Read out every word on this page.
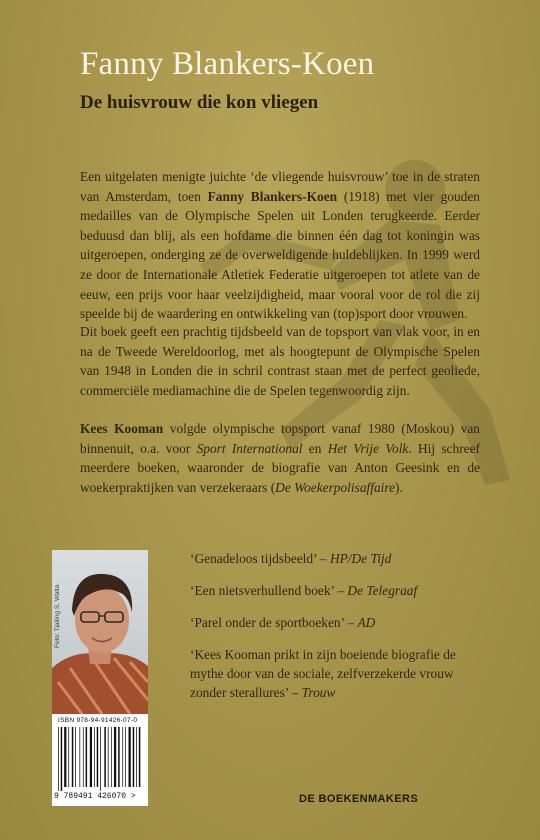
Fanny Blankers-Koen
De huisvrouw die kon vliegen

Een uitgelaten menigte juichte ‘de vliegende huisvrouw’ toe in de straten van Amsterdam, toen Fanny Blankers-Koen (1918) met vier gouden medailles van de Olympische Spelen uit Londen terugkeerde. Eerder beduusd dan blij, als een hofdame die binnen één dag tot koningin was uitgeroepen, onderging ze de overweldigende huldeblijken. In 1999 werd ze door de Internationale Atletiek Federatie uitgeroepen tot atlete van de eeuw, een prijs voor haar veelzijdigheid, maar vooral voor de rol die zij speelde bij de waardering en ontwikkeling van (top)sport door vrouwen.

Dit boek geeft een prachtig tijdsbeeld van de topsport van vlak voor, in en na de Tweede Wereldoorlog, met als hoogtepunt de Olympische Spelen van 1948 in Londen die in schril contrast staan met de perfect geoliede, commerciële mediamachine die de Spelen tegenwoordig zijn.

Kees Kooman volgde olympische topsport vanaf 1980 (Moskou) van binnenuit, o.a. voor Sport International en Het Vrije Volk. Hij schreef meerdere boeken, waaronder de biografie van Anton Geesink en de woekerpraktijken van verzekeraars (De Woekerpolisaffaire).

Foto: Tjalling S. Walta
ISBN 978-94-91426-07-0
9 789491 426070 >

‘Genadeloos tijdsbeeld’ – HP/De Tijd

‘Een nietsverhullend boek’ – De Telegraaf

‘Parel onder de sportboeken’ – AD

‘Kees Kooman prikt in zijn boeiende biografie de mythe door van de sociale, zelfverzekerde vrouw zonder sterallures’ – Trouw

DE BOEKENMAKERS
